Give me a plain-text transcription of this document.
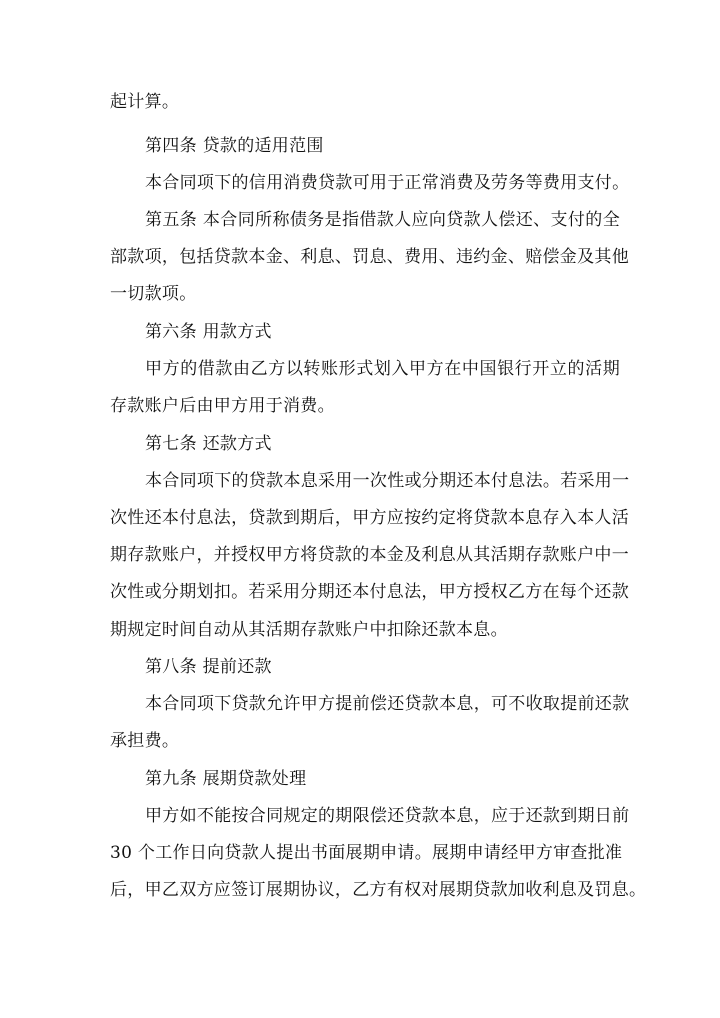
起计算。
第四条 贷款的适用范围
本合同项下的信用消费贷款可用于正常消费及劳务等费用支付。
第五条 本合同所称债务是指借款人应向贷款人偿还、支付的全
部款项，包括贷款本金、利息、罚息、费用、违约金、赔偿金及其他
一切款项。
第六条 用款方式
甲方的借款由乙方以转账形式划入甲方在中国银行开立的活期
存款账户后由甲方用于消费。
第七条 还款方式
本合同项下的贷款本息采用一次性或分期还本付息法。若采用一
次性还本付息法，贷款到期后，甲方应按约定将贷款本息存入本人活
期存款账户，并授权甲方将贷款的本金及利息从其活期存款账户中一
次性或分期划扣。若采用分期还本付息法，甲方授权乙方在每个还款
期规定时间自动从其活期存款账户中扣除还款本息。
第八条 提前还款
本合同项下贷款允许甲方提前偿还贷款本息，可不收取提前还款
承担费。
第九条 展期贷款处理
甲方如不能按合同规定的期限偿还贷款本息，应于还款到期日前
30 个工作日向贷款人提出书面展期申请。展期申请经甲方审查批准
后，甲乙双方应签订展期协议，乙方有权对展期贷款加收利息及罚息。
